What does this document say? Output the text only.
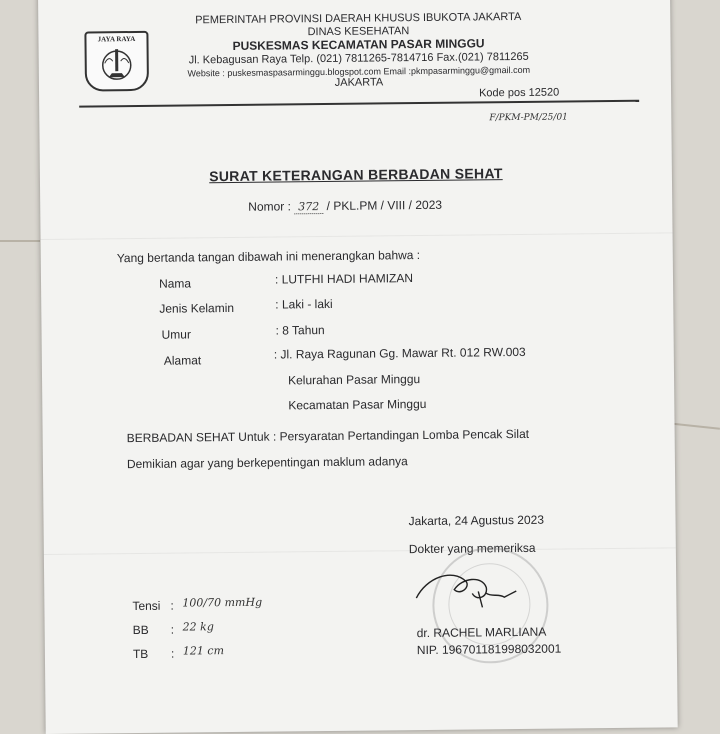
JAYA RAYA
PEMERINTAH PROVINSI DAERAH KHUSUS IBUKOTA JAKARTA
DINAS KESEHATAN
PUSKESMAS KECAMATAN PASAR MINGGU
Jl. Kebagusan Raya Telp. (021) 7811265-7814716 Fax.(021) 7811265
Website : puskesmaspasarminggu.blogspot.com Email :pkmpasarminggu@gmail.com
JAKARTA
Kode pos 12520
F/PKM-PM/25/01
SURAT KETERANGAN BERBADAN SEHAT
Nomor : 372 / PKL.PM / VIII / 2023
Yang bertanda tangan dibawah ini menerangkan bahwa :
Nama	: LUTFHI HADI HAMIZAN
Jenis Kelamin	: Laki - laki
Umur	: 8 Tahun
Alamat	: Jl. Raya Ragunan Gg. Mawar Rt. 012 RW.003
Kelurahan Pasar Minggu
Kecamatan Pasar Minggu
BERBADAN SEHAT Untuk : Persyaratan Pertandingan Lomba Pencak Silat
Demikian agar yang berkepentingan maklum adanya
Jakarta, 24 Agustus 2023
Dokter yang memeriksa
dr. RACHEL MARLIANA
NIP. 196701181998032001
Tensi : 100/70 mmHg
BB : 22 kg
TB : 121 cm
